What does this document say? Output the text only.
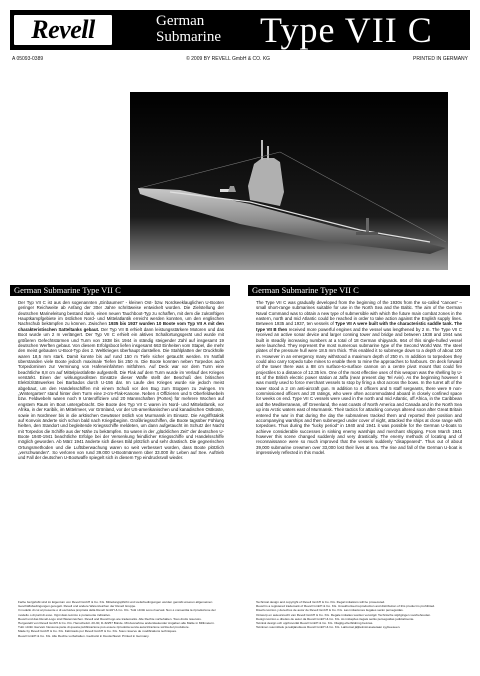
Revell	German
Submarine	Type VII C
A 05093-0389	© 2009 BY REVELL GmbH & CO. KG	PRINTED IN GERMANY
German Submarine Type VII C	German Submarine Type VII C
Der Typ VII C ist aus den sogenannten „Einbaumen“ - kleinen Ost- bzw. Nordseeklauglichen U-Booten geringer Reichweite ab Anfang der 30er Jahre schrittweise entwickelt worden. Die Zielstellung der deutschen Marineleitung bestand darin, einen neuen Tauchboot-Typ zu schaffen, mit dem die zukünftigen Hauptkampfgebiete im östlichen Nord- und Mittelatlantik erreicht werden konnten, um den englischen Nachschub bekämpfen zu können. Zwischen 1935 bis 1937 wurden 10 Boote vom Typ VII A mit den charakteristischen Satteltanks gebaut. Der Typ VII B erhielt dann leistungsstärkere Motoren und das Boot wurde um 2 m verlängert. Der Typ VII C erhielt ein aktives Schallortungsgerät und wurde mit größeren Gefechtstürmen und Turm von 1938 bis 1944 in ständig steigender Zahl auf insgesamt 19 deutschen Werften gebaut. Von diesem Erfolgsboot liefen insgesamt 663 Einheiten vom Stapel, die mehr den meist gebauten U-Boot-Typ des 2. Weltkrieges überhaupt darstellen. Die Stahlplatten der Druckhülle waren 18,5 mm stark. Damit konnte bis auf rund 150 m Tiefe sicher getaucht werden. Im Notfall überstanden viele Boote jedoch maximale Tiefen bis 250 m. Die Boote konnten neben Torpedos auch Torpedominen zur Verminung von Hafeneinfahrten mitführen. Auf Deck war vor dem Turm eine beachtliche 8,8 cm auf Mittelpivotlafette aufgestellt. Die Flak auf dem Turm wurde im Verlauf des Krieges verstärkt. Einen der wirkungsvollsten Einsätze dieser Waffe stellt der Beschuß des britischen Elektrizitätswerkes bei Barbados durch U-156 dar. Im Laufe des Krieges wurde sie jedoch meist abgebaut, um den Handelsschiffen mit einem Schuß vor den Bug zum Stoppen zu zwingen. Im „Wintergarten“ stand hinter dem Turm eine 2-cm-Flak-Kanone. Neben 4 Offizieren und 5 Oberfeldwebeln bzw. Feldwebeln waren noch 9 Unteroffiziere und 20 Mannschaften (Portes) für mehrere Wochen auf engstem Raum im Boot untergebracht. Die Boote des Typ VII C waren im Nord- und Mittelatlantik, vor Afrika, in der Karibik, im Mittelmeer, vor Grönland, vor der US-amerikanischen und kanadischen Ostküste, sowie im Nordmeer bis in die arktischen Gewässer östlich von Murmansk im Einsatz. Die Angriffstaktik auf Konvois änderte sich schon bald nach Kriegsbeginn. Großkriegsschiffen, die Boote tagsüber Fühlung hielten, den Standort und begleitende Kriegsschiffe meldeten, um dann aufgetaucht im Schutz der Nacht mit Torpedos die Schiffe aus der Nähe zu bekämpfen. So waren in der „glücklichen Zeit“ der deutschen U-Boote 1940-1941 beachtliche Erfolge bei der Versenkung feindlicher Kriegsschiffe und Handelsschiffe möglich geworden. Ab März 1941 änderte sich dieses Bild plötzlich und sehr drastisch. Die gegnerischen Ortungsmethoden und die Luftüberwachung waren so weit verbessert worden, dass Boote plötzlich „verschwanden“. So verloren von rund 39.000 U-Bootmännern über 33.000 ihr Leben auf See. Auftrieb und Fall der deutschen U-Bootwaffe spiegelt sich in diesem Typ eindrucksvoll wieder.
The Type VII C was gradually developed from the beginning of the 1930s from the so-called “canoes” – small short-range submarines suitable for use in the North Sea and the Baltic. The aim of the German Naval Command was to obtain a new type of submersible with which the future main combat zones in the eastern, north and mid Atlantic could be reached in order to take action against the English supply lines. Between 1935 and 1937, ten vessels of Type VII A were built with the characteristic saddle tank. The type VII B then received more powerful engines and the vessel was lengthened by 2 m. The Type VII C received an active sonar device and larger conning tower and bridge and between 1938 and 1944 was built in steadily increasing numbers at a total of 18 German shipyards. 664 of this single-hulled vessel were launched. They represent the most numerous submarine type of the Second World War. The steel plates of the pressure hull were 18.5 mm thick. This enabled it to submerge down to a depth of about 100 m. However in an emergency many withstood a maximum depth of 250 m. In addition to torpedoes they could also carry torpedo tube mines to enable them to mine the approaches to harbours. On deck forward of the tower there was a 88 cm surface-to-surface cannon on a centre pivot mount that could fire projectiles to a distance of 12.35 km. One of the most effective uses of this weapon was the shelling by U-81 of the British electric power station at Jaffa (near present day Tel Aviv). As the beginning however it was mostly used to force merchant vessels to stop by firing a shot across the bows. In the turret aft of the tower stood a 2 cm anti-aircraft gun. In addition to 4 officers and 5 staff sergeants, there were 9 non-commissioned officers and 20 ratings, who were often accommodated aboard in closely confined space for weeks on end. Type VII C vessels were used in the north and mid Atlantic, off Africa, in the Caribbean and the Mediterranean, off Greenland, the east coasts of North America and Canada and in the North Sea up into Arctic waters east of Murmansk. Their tactics for attacking convoys altered soon after Great Britain entered the war in that during the day the submarines tracked them and reported their position and accompanying warships and then submerged under cover of night, attacked the ships at close range with torpedoes. Thus during the “lucky period” in 1940 and 1941 it was possible for the German U-boats to achieve considerable successes in sinking enemy warships and merchant shipping. From March 1941 however this scene changed suddenly and very drastically. The enemy methods of locating and of reconnaissance were so much improved that the vessels suddenly “disappeared”. Thus out of about 39,000 submarine crewmen over 33,000 lost their lives at sea. The rise and fall of the German U-boat is impressively reflected in this model.
Farbe bezgsfußt sind im Eigentum von Revell GmbH & Co. KG. Mitteilungspflicht und Lieferbedingungen werden gemäß unseren allgemeinen Geschäftsbedingungen geregelt. Revell und andere Warenzeichen der Revell Gruppe.
Il modello di cui al presente è di esclusiva proprietà della Revell GmbH & Co. KG. Tutti i diritti sono riservati. Non è consentita la riproduzione del modello o di parti di esso. Ogni dato tecnico è puramente indicativo.
Revell und das Revell-Logo sind Warenzeichen. Revell and Revell logo are trademarks. Alle Rechte vorbehalten. Tous droits réservés.
Hergestellt von Revell GmbH & Co. KG. Henschelstr. 20-30, D-32257 Bünde. Mit Ausnahme anderslautender Angaben alle Maße in Millimetern.
Tutti i diritti riservati. Nessuna parte di questa pubblicazione può essere riprodotta senza autorizzazione scritta del produttore.
Made by Revell GmbH & Co. KG. Fabricado por Revell GmbH & Co. KG. Sous réserve de modifications techniques.
Revell GmbH & Co. KG. Alle Rechte vorbehalten. Gedruckt in Deutschland. Printed in Germany.
Technical design and copyright of Revell GmbH & Co. KG. Illegal imitations will be prosecuted.
Revell is a registered trademark of Revell GmbH & Co. KG. Unauthorised reproduction and distribution of this product is prohibited.
Diseño técnico y derechos de autor de Revell GmbH & Co. KG. Las imitaciones ilegales serán perseguidas.
Ontwerp en auteursrecht van Revell GmbH & Co. KG. Illegale imitaties worden vervolgd. Technische wijzigingen voorbehouden.
Design técnico e direitos de autor da Revell GmbH & Co. KG. As imitações ilegais serão perseguidas judicialmente.
Teknisk design och upphovsrätt Revell GmbH & Co. KG. Olaglig efterbildning beivras.
Tekninen suunnittelu ja tekijänoikeus Revell GmbH & Co. KG. Laittomat jäljitelmät asetetaan syytteeseen.
